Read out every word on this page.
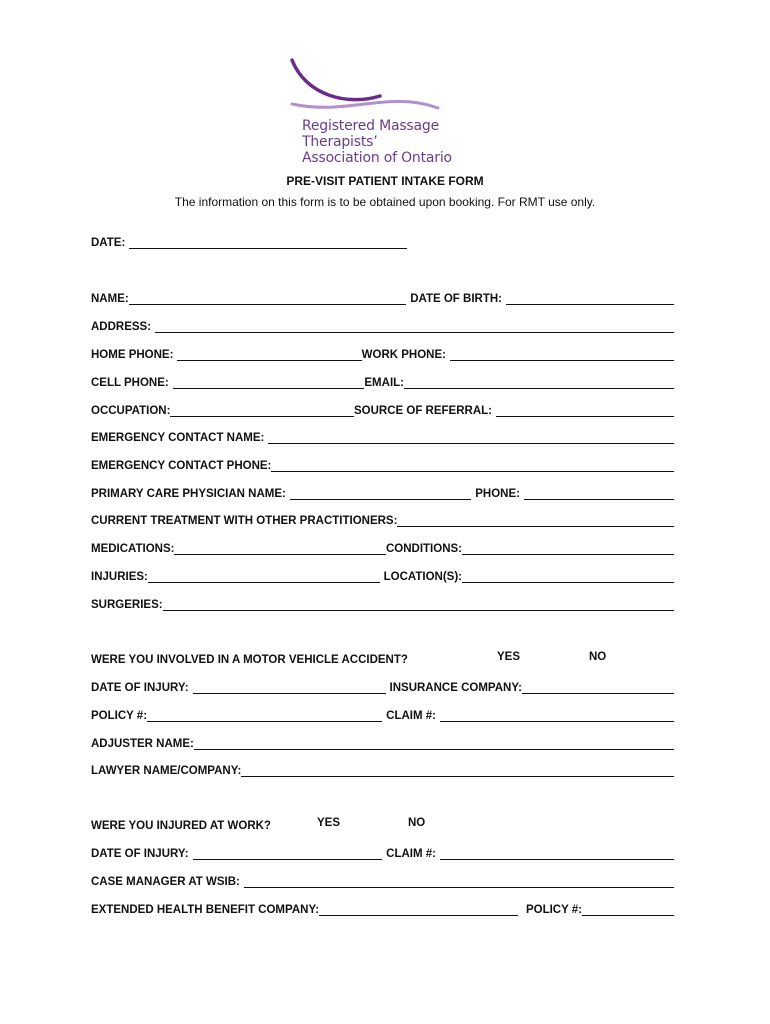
Registered Massage Therapists’
Association of Ontario
PRE-VISIT PATIENT INTAKE FORM
The information on this form is to be obtained upon booking. For RMT use only.
DATE:
NAME:	DATE OF BIRTH:
ADDRESS:
HOME PHONE:	WORK PHONE:
CELL PHONE:	EMAIL:
OCCUPATION:	SOURCE OF REFERRAL:
EMERGENCY CONTACT NAME:
EMERGENCY CONTACT PHONE:
PRIMARY CARE PHYSICIAN NAME:	PHONE:
CURRENT TREATMENT WITH OTHER PRACTITIONERS:
MEDICATIONS:	CONDITIONS:
INJURIES:	LOCATION(S):
SURGERIES:
WERE YOU INVOLVED IN A MOTOR VEHICLE ACCIDENT?	YES	NO
DATE OF INJURY:	INSURANCE COMPANY:
POLICY #:	CLAIM #:
ADJUSTER NAME:
LAWYER NAME/COMPANY:
WERE YOU INJURED AT WORK?	YES	NO
DATE OF INJURY:	CLAIM #:
CASE MANAGER AT WSIB:
EXTENDED HEALTH BENEFIT COMPANY:	POLICY #:
